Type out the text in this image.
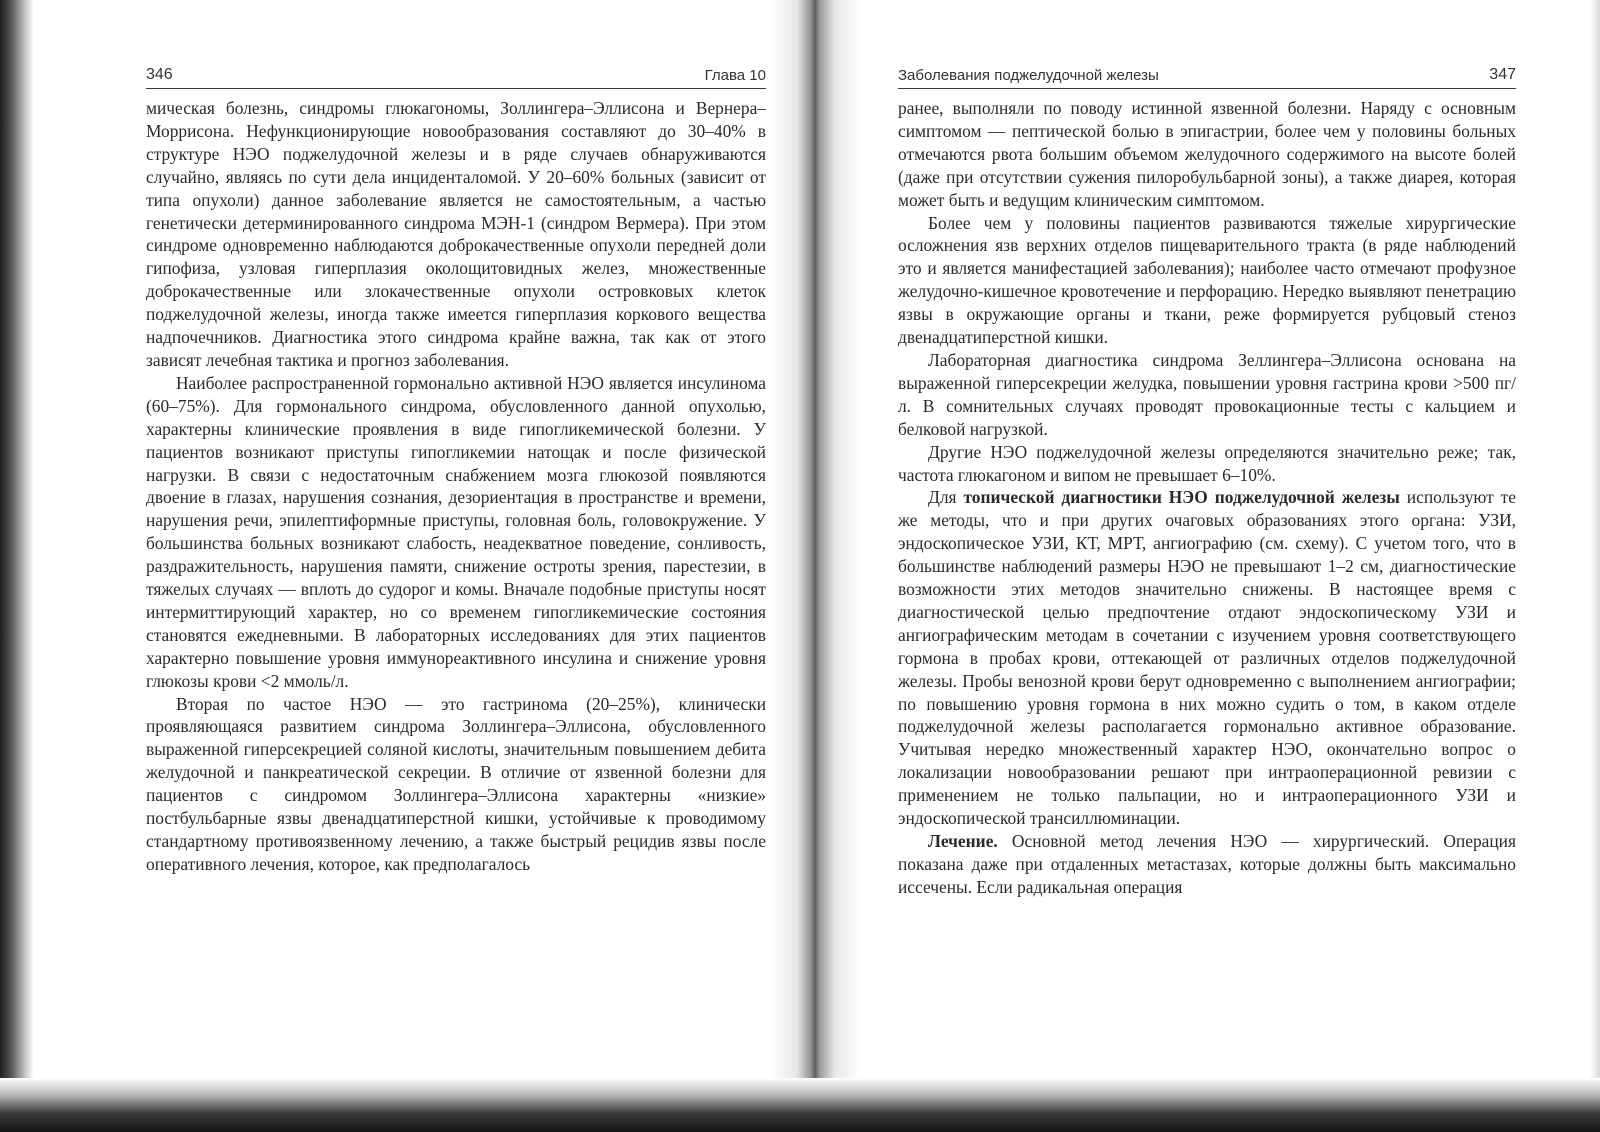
346	Глава 10

мическая болезнь, синдромы глюкагономы, Золлингера–Эллисона и Вернера–Моррисона. Нефункционирующие новообразования составляют до 30–40% в структуре НЭО поджелудочной железы и в ряде случаев обнаруживаются случайно, являясь по сути дела инциденталомой. У 20–60% больных (зависит от типа опухоли) данное заболевание является не самостоятельным, а частью генетически детерминированного синдрома МЭН-1 (синдром Вермера). При этом синдроме одновременно наблюдаются доброкачественные опухоли передней доли гипофиза, узловая гиперплазия околощитовидных желез, множественные доброкачественные или злокачественные опухоли островковых клеток поджелудочной железы, иногда также имеется гиперплазия коркового вещества надпочечников. Диагностика этого синдрома крайне важна, так как от этого зависят лечебная тактика и прогноз заболевания.

Наиболее распространенной гормонально активной НЭО является инсулинома (60–75%). Для гормонального синдрома, обусловленного данной опухолью, характерны клинические проявления в виде гипогликемической болезни. У пациентов возникают приступы гипогликемии натощак и после физической нагрузки. В связи с недостаточным снабжением мозга глюкозой появляются двоение в глазах, нарушения сознания, дезориентация в пространстве и времени, нарушения речи, эпилептиформные приступы, головная боль, головокружение. У большинства больных возникают слабость, неадекватное поведение, сонливость, раздражительность, нарушения памяти, снижение остроты зрения, парестезии, в тяжелых случаях — вплоть до судорог и комы. Вначале подобные приступы носят интермиттирующий характер, но со временем гипогликемические состояния становятся ежедневными. В лабораторных исследованиях для этих пациентов характерно повышение уровня иммунореактивного инсулина и снижение уровня глюкозы крови <2 ммоль/л.

Вторая по частое НЭО — это гастринома (20–25%), клинически проявляющаяся развитием синдрома Золлингера–Эллисона, обусловленного выраженной гиперсекрецией соляной кислоты, значительным повышением дебита желудочной и панкреатической секреции. В отличие от язвенной болезни для пациентов с синдромом Золлингера–Эллисона характерны «низкие» постбульбарные язвы двенадцатиперстной кишки, устойчивые к проводимому стандартному противоязвенному лечению, а также быстрый рецидив язвы после оперативного лечения, которое, как предполагалось

Заболевания поджелудочной железы	347

ранее, выполняли по поводу истинной язвенной болезни. Наряду с основным симптомом — пептической болью в эпигастрии, более чем у половины больных отмечаются рвота большим объемом желудочного содержимого на высоте болей (даже при отсутствии сужения пилоробульбарной зоны), а также диарея, которая может быть и ведущим клиническим симптомом.

Более чем у половины пациентов развиваются тяжелые хирургические осложнения язв верхних отделов пищеварительного тракта (в ряде наблюдений это и является манифестацией заболевания); наиболее часто отмечают профузное желудочно-кишечное кровотечение и перфорацию. Нередко выявляют пенетрацию язвы в окружающие органы и ткани, реже формируется рубцовый стеноз двенадцатиперстной кишки.

Лабораторная диагностика синдрома Зеллингера–Эллисона основана на выраженной гиперсекреции желудка, повышении уровня гастрина крови >500 пг/л. В сомнительных случаях проводят провокационные тесты с кальцием и белковой нагрузкой.

Другие НЭО поджелудочной железы определяются значительно реже; так, частота глюкагоном и випом не превышает 6–10%.

Для топической диагностики НЭО поджелудочной железы используют те же методы, что и при других очаговых образованиях этого органа: УЗИ, эндоскопическое УЗИ, КТ, МРТ, ангиографию (см. схему). С учетом того, что в большинстве наблюдений размеры НЭО не превышают 1–2 см, диагностические возможности этих методов значительно снижены. В настоящее время с диагностической целью предпочтение отдают эндоскопическому УЗИ и ангиографическим методам в сочетании с изучением уровня соответствующего гормона в пробах крови, оттекающей от различных отделов поджелудочной железы. Пробы венозной крови берут одновременно с выполнением ангиографии; по повышению уровня гормона в них можно судить о том, в каком отделе поджелудочной железы располагается гормонально активное образование. Учитывая нередко множественный характер НЭО, окончательно вопрос о локализации новообразовании решают при интраоперационной ревизии с применением не только пальпации, но и интраоперационного УЗИ и эндоскопической трансиллюминации.

Лечение. Основной метод лечения НЭО — хирургический. Операция показана даже при отдаленных метастазах, которые должны быть максимально иссечены. Если радикальная операция
